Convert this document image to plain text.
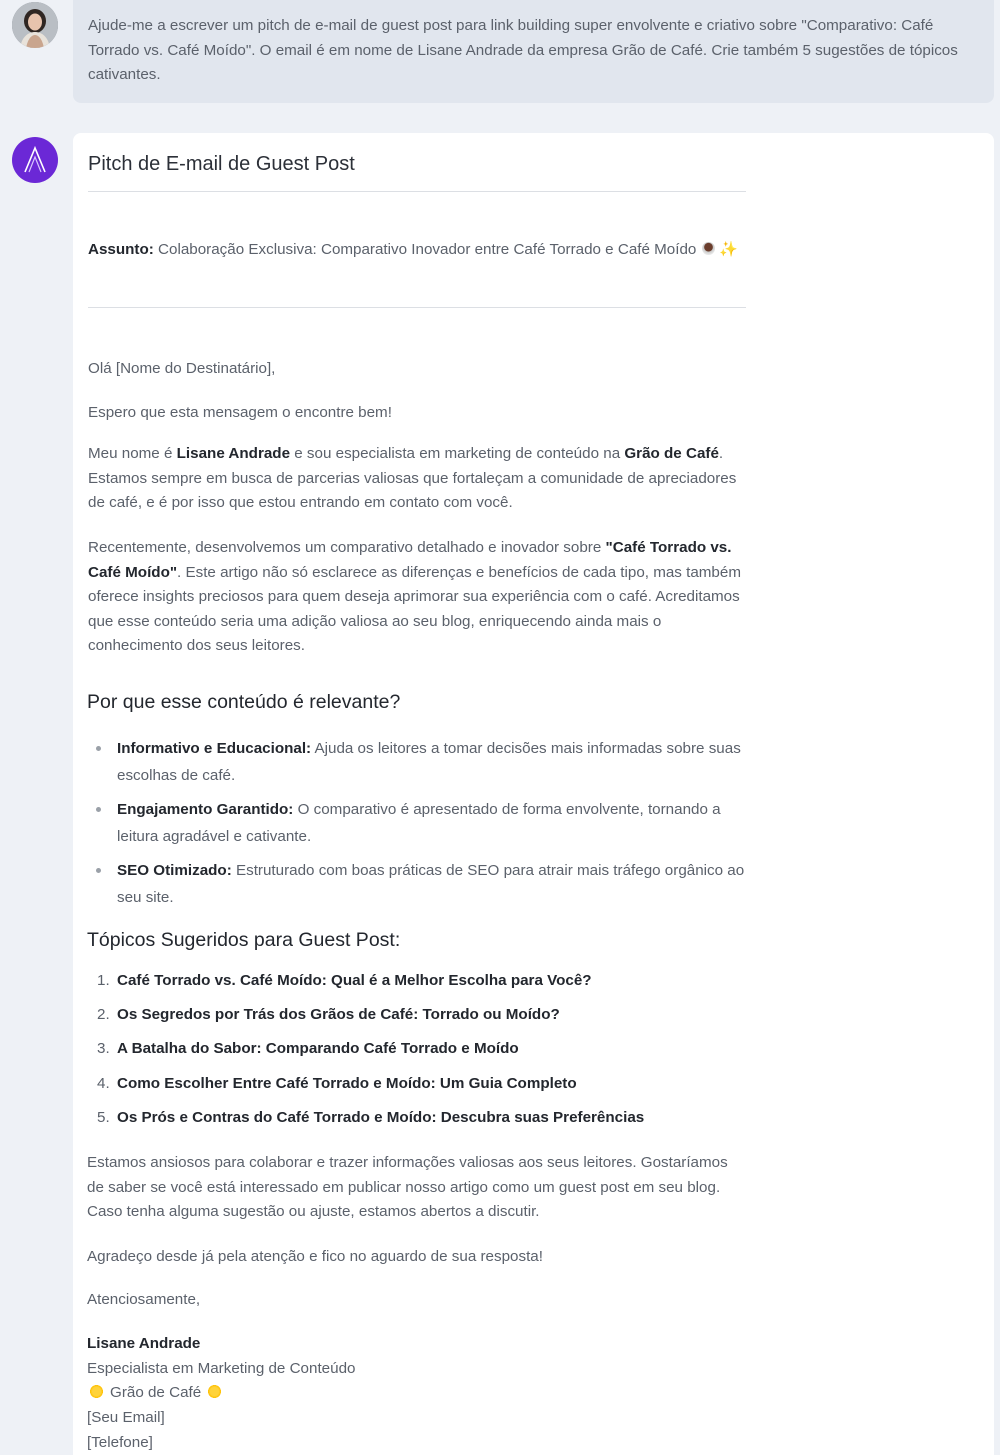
Ajude-me a escrever um pitch de e-mail de guest post para link building super envolvente e criativo sobre "Comparativo: Café Torrado vs. Café Moído". O email é em nome de Lisane Andrade da empresa Grão de Café. Crie também 5 sugestões de tópicos cativantes.
Pitch de E-mail de Guest Post
Assunto: Colaboração Exclusiva: Comparativo Inovador entre Café Torrado e Café Moído ✨
Olá [Nome do Destinatário],
Espero que esta mensagem o encontre bem!
Meu nome é Lisane Andrade e sou especialista em marketing de conteúdo na Grão de Café. Estamos sempre em busca de parcerias valiosas que fortaleçam a comunidade de apreciadores de café, e é por isso que estou entrando em contato com você.
Recentemente, desenvolvemos um comparativo detalhado e inovador sobre "Café Torrado vs. Café Moído". Este artigo não só esclarece as diferenças e benefícios de cada tipo, mas também oferece insights preciosos para quem deseja aprimorar sua experiência com o café. Acreditamos que esse conteúdo seria uma adição valiosa ao seu blog, enriquecendo ainda mais o conhecimento dos seus leitores.
Por que esse conteúdo é relevante?
Informativo e Educacional: Ajuda os leitores a tomar decisões mais informadas sobre suas escolhas de café.
Engajamento Garantido: O comparativo é apresentado de forma envolvente, tornando a leitura agradável e cativante.
SEO Otimizado: Estruturado com boas práticas de SEO para atrair mais tráfego orgânico ao seu site.
Tópicos Sugeridos para Guest Post:
1. Café Torrado vs. Café Moído: Qual é a Melhor Escolha para Você?
2. Os Segredos por Trás dos Grãos de Café: Torrado ou Moído?
3. A Batalha do Sabor: Comparando Café Torrado e Moído
4. Como Escolher Entre Café Torrado e Moído: Um Guia Completo
5. Os Prós e Contras do Café Torrado e Moído: Descubra suas Preferências
Estamos ansiosos para colaborar e trazer informações valiosas aos seus leitores. Gostaríamos de saber se você está interessado em publicar nosso artigo como um guest post em seu blog. Caso tenha alguma sugestão ou ajuste, estamos abertos a discutir.
Agradeço desde já pela atenção e fico no aguardo de sua resposta!
Atenciosamente,
Lisane Andrade
Especialista em Marketing de Conteúdo
Grão de Café
[Seu Email]
[Telefone]
